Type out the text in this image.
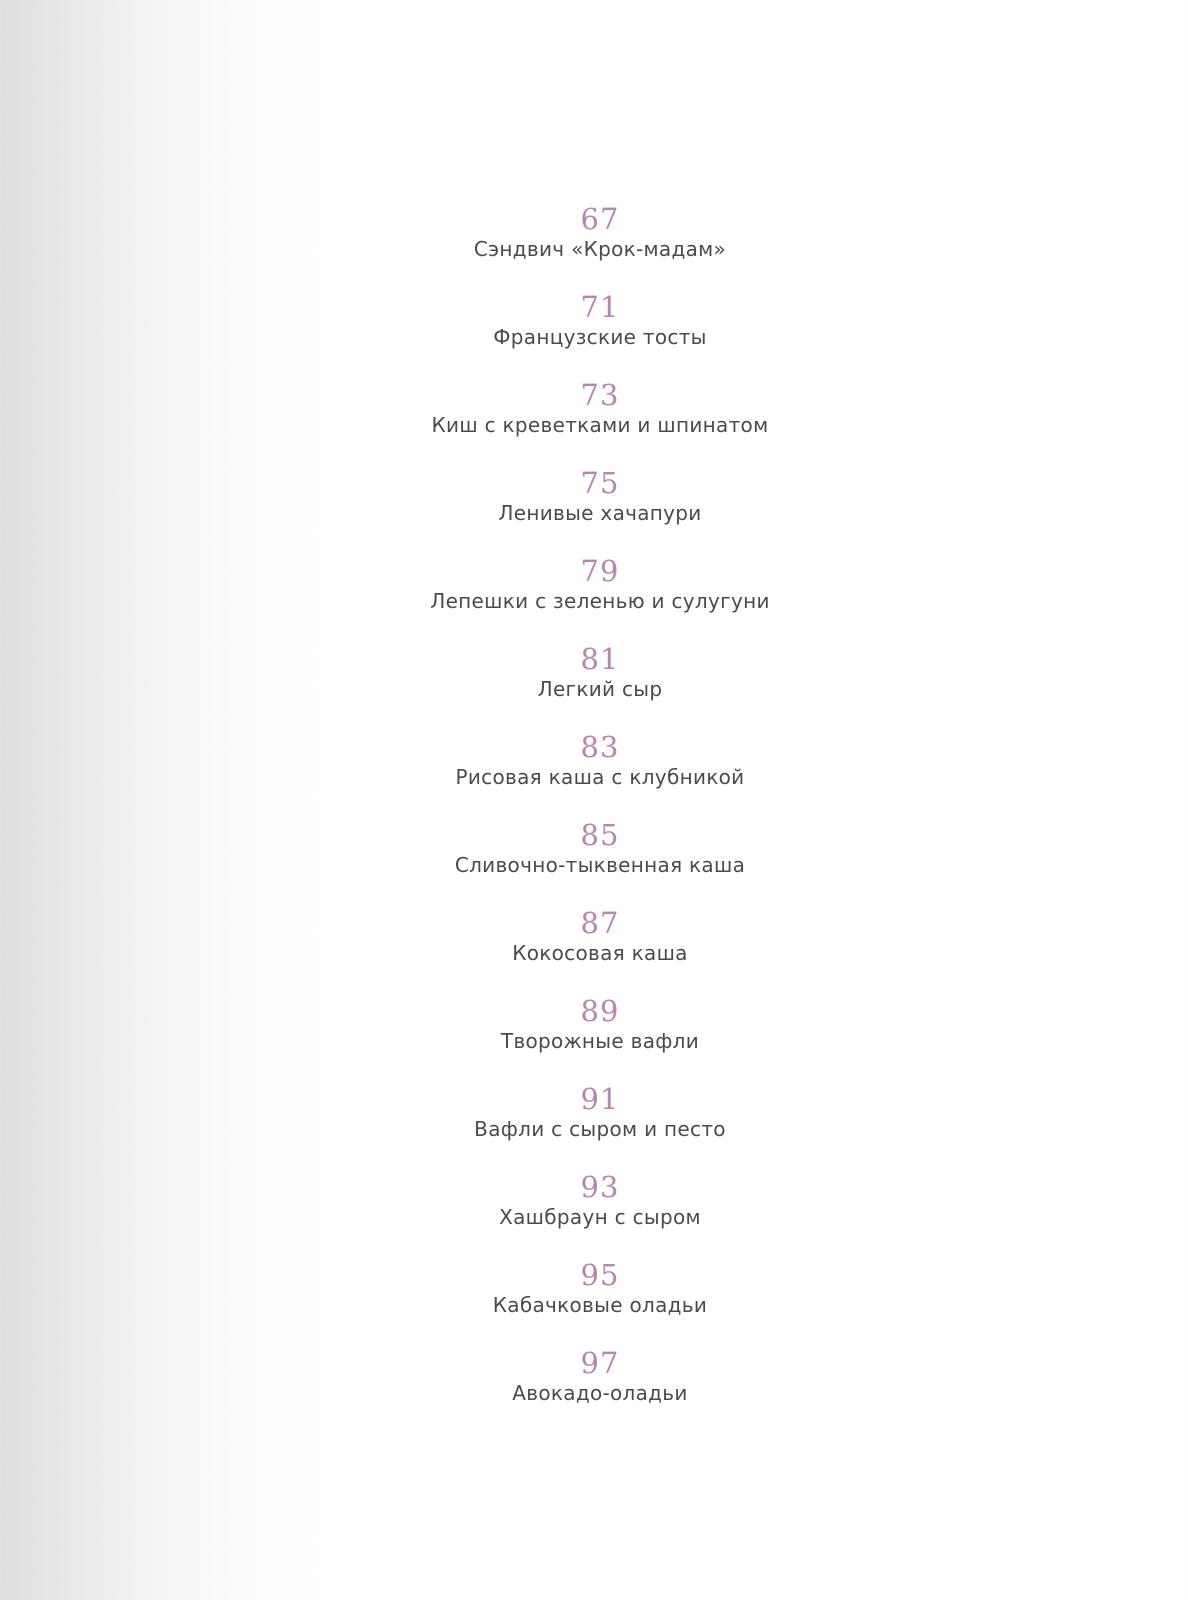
67
Сэндвич «Крок-мадам»
71
Французские тосты
73
Киш с креветками и шпинатом
75
Ленивые хачапури
79
Лепешки с зеленью и сулугуни
81
Легкий сыр
83
Рисовая каша с клубникой
85
Сливочно-тыквенная каша
87
Кокосовая каша
89
Творожные вафли
91
Вафли с сыром и песто
93
Хашбраун с сыром
95
Кабачковые оладьи
97
Авокадо-оладьи
